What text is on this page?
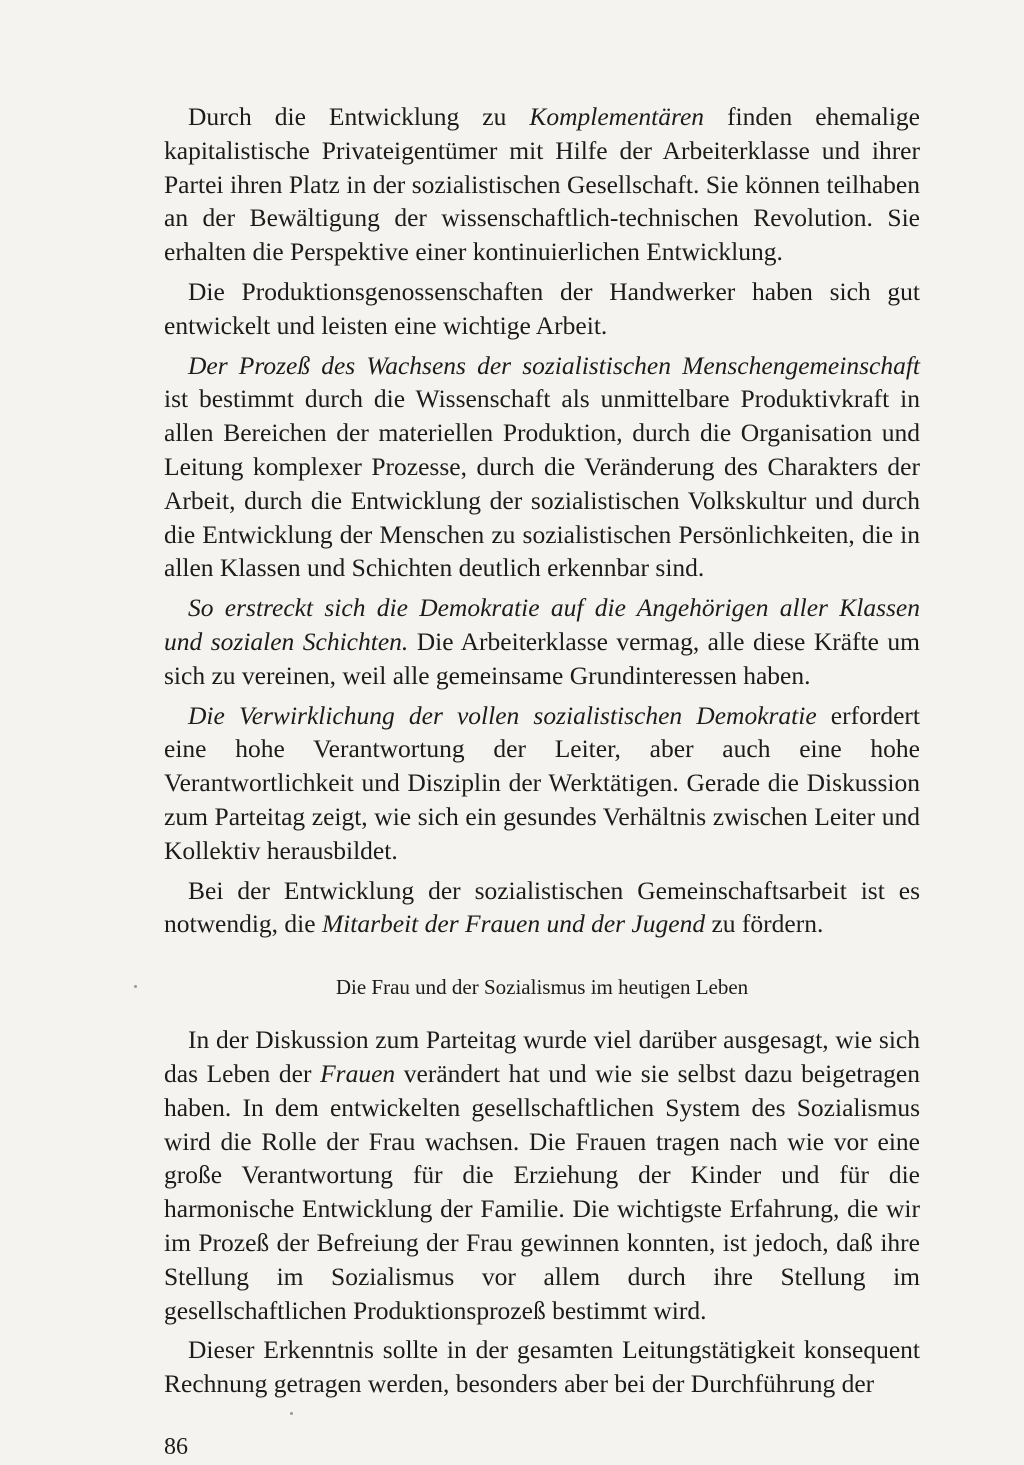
Durch die Entwicklung zu Komplementären finden ehemalige kapitalistische Privateigentümer mit Hilfe der Arbeiterklasse und ihrer Partei ihren Platz in der sozialistischen Gesellschaft. Sie können teilhaben an der Bewältigung der wissenschaftlich-technischen Revolution. Sie erhalten die Perspektive einer kontinuierlichen Entwicklung.

Die Produktionsgenossenschaften der Handwerker haben sich gut entwickelt und leisten eine wichtige Arbeit.

Der Prozeß des Wachsens der sozialistischen Menschengemeinschaft ist bestimmt durch die Wissenschaft als unmittelbare Produktivkraft in allen Bereichen der materiellen Produktion, durch die Organisation und Leitung komplexer Prozesse, durch die Veränderung des Charakters der Arbeit, durch die Entwicklung der sozialistischen Volkskultur und durch die Entwicklung der Menschen zu sozialistischen Persönlichkeiten, die in allen Klassen und Schichten deutlich erkennbar sind.

So erstreckt sich die Demokratie auf die Angehörigen aller Klassen und sozialen Schichten. Die Arbeiterklasse vermag, alle diese Kräfte um sich zu vereinen, weil alle gemeinsame Grundinteressen haben.

Die Verwirklichung der vollen sozialistischen Demokratie erfordert eine hohe Verantwortung der Leiter, aber auch eine hohe Verantwortlichkeit und Disziplin der Werktätigen. Gerade die Diskussion zum Parteitag zeigt, wie sich ein gesundes Verhältnis zwischen Leiter und Kollektiv herausbildet.

Bei der Entwicklung der sozialistischen Gemeinschaftsarbeit ist es notwendig, die Mitarbeit der Frauen und der Jugend zu fördern.

Die Frau und der Sozialismus im heutigen Leben

In der Diskussion zum Parteitag wurde viel darüber ausgesagt, wie sich das Leben der Frauen verändert hat und wie sie selbst dazu beigetragen haben. In dem entwickelten gesellschaftlichen System des Sozialismus wird die Rolle der Frau wachsen. Die Frauen tragen nach wie vor eine große Verantwortung für die Erziehung der Kinder und für die harmonische Entwicklung der Familie. Die wichtigste Erfahrung, die wir im Prozeß der Befreiung der Frau gewinnen konnten, ist jedoch, daß ihre Stellung im Sozialismus vor allem durch ihre Stellung im gesellschaftlichen Produktionsprozeß bestimmt wird.

Dieser Erkenntnis sollte in der gesamten Leitungstätigkeit konsequent Rechnung getragen werden, besonders aber bei der Durchführung der

86
